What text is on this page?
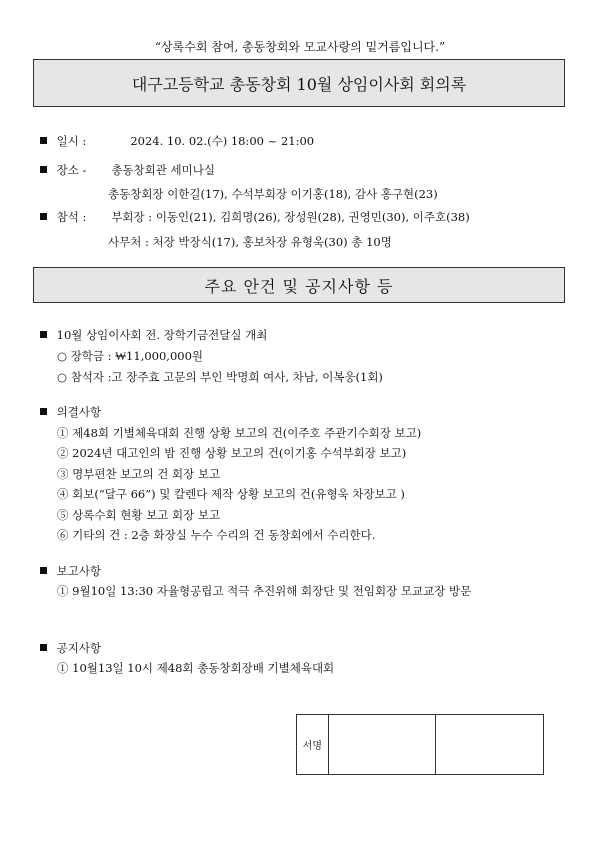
“상록수회 참여, 총동창회와 모교사랑의 밑거름입니다.”
대구고등학교 총동창회 10월 상임이사회 회의록
일시 :	2024. 10. 02.(수) 18:00 ~ 21:00
장소 - 총동창회관 세미나실
총동창회장 이한길(17), 수석부회장 이기홍(18), 감사 홍구현(23)
참석 : 부회장 : 이동인(21), 김희명(26), 장성원(28), 권영민(30), 이주호(38)
사무처 : 처장 박장식(17), 홍보차장 유형욱(30) 총 10명
주요 안건 및 공지사항 등
10월 상임이사회 전. 장학기금전달실 개최
○ 장학금 : ₩11,000,000원
○ 참석자 :고 장주효 고문의 부인 박명희 여사, 차남, 이복웅(1회)
의결사항
① 제48회 기별체육대회 진행 상황 보고의 건(이주호 주관기수회장 보고)
② 2024년 대고인의 밤 진행 상황 보고의 건(이기홍 수석부회장 보고)
③ 명부편찬 보고의 건 회장 보고
④ 회보(“달구 66”) 및 칼렌다 제작 상황 보고의 건(유형욱 차장보고 )
⑤ 상록수회 현황 보고 회장 보고
⑥ 기타의 건 : 2층 화장실 누수 수리의 건 동창회에서 수리한다.
보고사항
① 9월10일 13:30 자율형공립고 적극 추진위해 회장단 및 전임회장 모교교장 방문
공지사항
① 10월13일 10시 제48회 총동창회장배 기별체육대회
서명		
